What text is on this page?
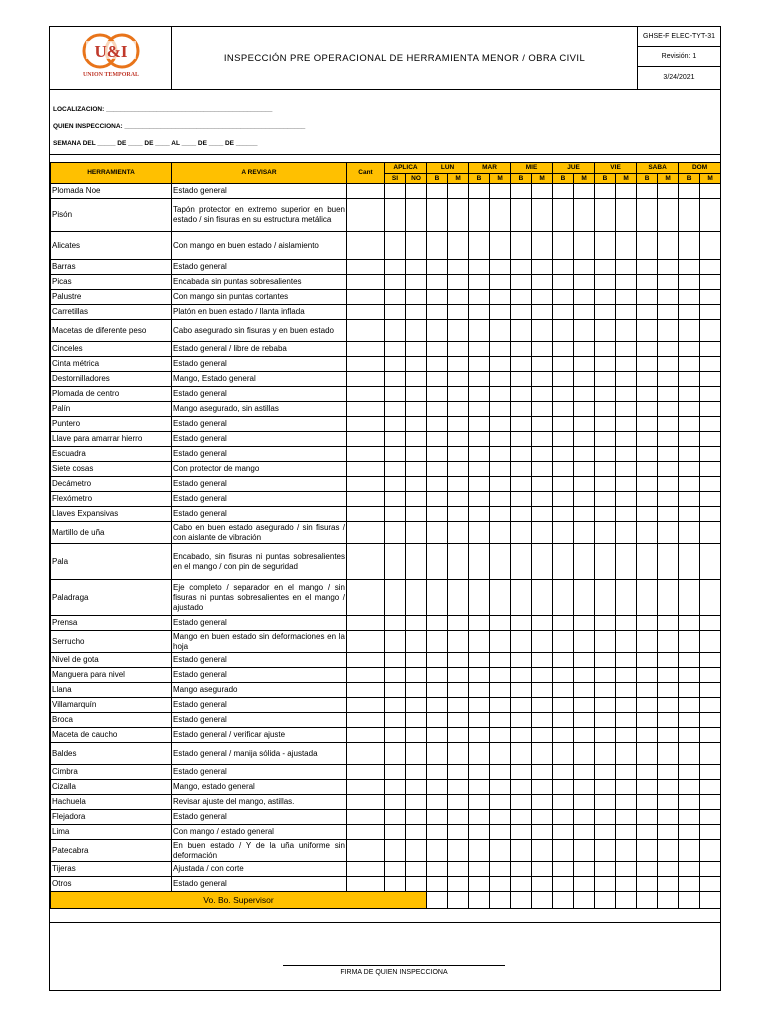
U&I
UNION TEMPORAL
INSPECCIÓN PRE OPERACIONAL DE HERRAMIENTA MENOR / OBRA CIVIL
GHSE-F ELEC-TYT-31
Revisión: 1
3/24/2021
LOCALIZACION: ______________________________________________
QUIEN INSPECCIONA: __________________________________________________
SEMANA DEL _____ DE ____ DE ____ AL ____ DE ____ DE ______
HERRAMIENTA	A REVISAR	Cant	APLICA		LUN		MAR		MIE		JUE		VIE		SABA		DOM	
			SI	NO	B	M	B	M	B	M	B	M	B	M	B	M	B	M
Plomada Noe	Estado general																	
Pisón	Tapón protector en extremo superior en buen estado / sin fisuras en su estructura metálica																	
Alicates	Con mango en buen estado / aislamiento																	
Barras	Estado general																	
Picas	Encabada sin puntas sobresalientes																	
Palustre	Con mango sin puntas cortantes																	
Carretillas	Platón en buen estado / llanta inflada																	
Macetas de diferente peso	Cabo asegurado sin fisuras y en buen estado																	
Cinceles	Estado general / libre de rebaba																	
Cinta métrica	Estado general																	
Destornilladores	Mango, Estado general																	
Plomada de centro	Estado general																	
Palín	Mango asegurado, sin astillas																	
Puntero	Estado general																	
Llave para amarrar hierro	Estado general																	
Escuadra	Estado general																	
Siete cosas	Con protector de mango																	
Decámetro	Estado general																	
Flexómetro	Estado general																	
Llaves Expansivas	Estado general																	
Martillo de uña	Cabo en buen estado asegurado / sin fisuras / con aislante de vibración																	
Pala	Encabado, sin fisuras ni puntas sobresalientes en el mango / con pin de seguridad																	
Paladraga	Eje completo / separador en el mango / sin fisuras ni puntas sobresalientes en el mango / ajustado																	
Prensa	Estado general																	
Serrucho	Mango en buen estado sin deformaciones en la hoja																	
Nivel de gota	Estado general																	
Manguera para nivel	Estado general																	
Llana	Mango asegurado																	
Villamarquín	Estado general																	
Broca	Estado general																	
Maceta de caucho	Estado general / verificar ajuste																	
Baldes	Estado general / manija sólida - ajustada																	
Cimbra	Estado general																	
Cizalla	Mango, estado general																	
Hachuela	Revisar ajuste del mango, astillas.																	
Flejadora	Estado general																	
Lima	Con mango / estado general																	
Patecabra	En buen estado / Y de la uña uniforme sin deformación																	
Tijeras	Ajustada / con corte																	
Otros	Estado general																	
Vo. Bo. Supervisor																		
FIRMA DE QUIEN INSPECCIONA
